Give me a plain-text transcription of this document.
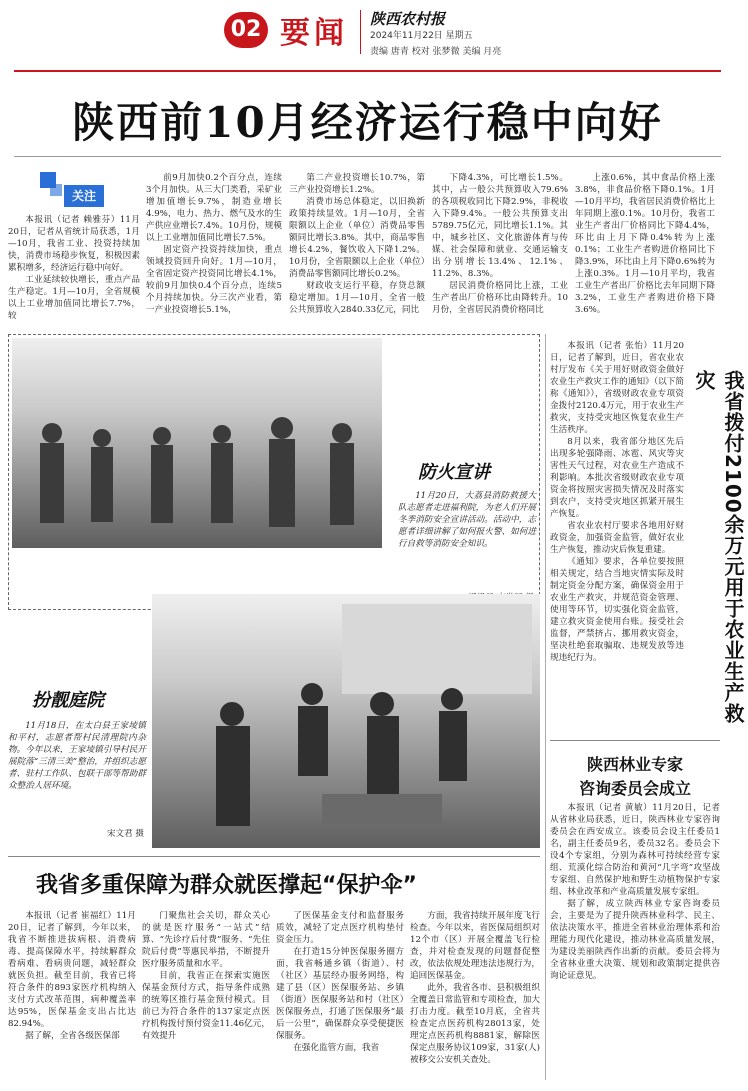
02 要闻 陕西农村报
2024年11月22日 星期五
责编 唐青 校对 张梦微 美编 月亮
陕西前10月经济运行稳中向好
关注

本报讯（记者 赖雅芬）11月20日，记者从省统计局获悉，1月—10月，我省工业、投资持续加快，消费市场稳步恢复，积极因素累积增多，经济运行稳中向好。

工业延续较快增长，重点产品生产稳定。1月—10月，全省规模以上工业增加值同比增长7.7%，较

前9月加快0.2个百分点，连续3个月加快。从三大门类看，采矿业增加值增长9.7%，制造业增长4.9%，电力、热力、燃气及水的生产供应业增长7.4%。10月份，规模以上工业增加值同比增长7.5%。

固定资产投资持续加快，重点领域投资回升向好。1月—10月，全省固定资产投资同比增长4.1%，较前9月加快0.4个百分点，连续5个月持续加快。分三次产业看，第一产业投资增长5.1%，

第二产业投资增长10.7%，第三产业投资增长1.2%。

消费市场总体稳定，以旧换新政策持续显效。1月—10月，全省限额以上企业（单位）消费品零售额同比增长3.8%。其中，商品零售增长4.2%，餐饮收入下降1.2%。10月份，全省限额以上企业（单位）消费品零售额同比增长0.2%。

财政收支运行平稳，存贷总额稳定增加。1月—10月，全省一般公共预算收入2840.33亿元，同比

下降4.3%，可比增长1.5%。其中，占一般公共预算收入79.6%的各项税收同比下降2.9%，非税收入下降9.4%。一般公共预算支出5789.75亿元，同比增长1.1%。其中，城乡社区、文化旅游体育与传媒、社会保障和就业、交通运输支出分别增长13.4%、12.1%、11.2%、8.3%。

居民消费价格同比上涨，工业生产者出厂价格环比由降转升。10月份，全省居民消费价格同比

上涨0.6%，其中食品价格上涨3.8%，非食品价格下降0.1%。1月—10月平均，我省居民消费价格比上年同期上涨0.1%。10月份，我省工业生产者出厂价格同比下降4.4%，环比由上月下降0.4%转为上涨0.1%；工业生产者购进价格同比下降3.9%，环比由上月下降0.6%转为上涨0.3%。1月—10月平均，我省工业生产者出厂价格比去年同期下降3.2%，工业生产者购进价格下降3.6%。

防火宣讲

11月20日，大荔县消防救援大队志愿者走进福利院，为老人们开展冬季消防安全宣讲活动。活动中，志愿者详细讲解了如何报火警、如何进行自救等消防安全知识。

扮靓庭院

11月18日，在太白县王家堎镇和平村，志愿者帮村民清理院内杂物。今年以来，王家堎镇引导村民开展院落“三清三美”整治，并组织志愿者、驻村工作队、包联干部等帮助群众整治人居环境。

宋文君 摄

本报讯（记者 张怡）11月20日，记者了解到，近日，省农业农村厅发布《关于用好财政资金做好农业生产救灾工作的通知》（以下简称《通知》），省级财政农业专项资金拨付2120.4万元，用于农业生产救灾，支持受灾地区恢复农业生产生活秩序。

8月以来，我省部分地区先后出现多轮强降雨、冰雹、风灾等灾害性天气过程，对农业生产造成不利影响。本批次省级财政农业专项资金将按照灾害损失情况及时落实到农户，支持受灾地区抓紧开展生产恢复。

省农业农村厅要求各地用好财政资金，加强资金监管，做好农业生产恢复，推动灾后恢复重建。

《通知》要求，各单位要按照相关规定，结合当地灾情实际及时制定资金分配方案，确保资金用于农业生产救灾，并规范资金管理、使用等环节，切实强化资金监管，建立救灾资金使用台账。接受社会监督，严禁挤占、挪用救灾资金，坚决杜绝套取骗取、违规发放等违规违纪行为。	我省拨付2100余万元用于农业生产救灾
陕西林业专家
咨询委员会成立

本报讯（记者 黄敏）11月20日，记者从省林业局获悉，近日，陕西林业专家咨询委员会在西安成立。该委员会设主任委员1名，副主任委员9名，委员32名。委员会下设4个专家组，分别为森林可持续经营专家组、荒漠化综合防治和黄河“几字弯”攻坚战专家组、自然保护地和野生动植物保护专家组、林业改革和产业高质量发展专家组。

据了解，成立陕西林业专家咨询委员会，主要是为了提升陕西林业科学、民主、依法决策水平，推进全省林业治理体系和治理能力现代化建设，推动林业高质量发展，为建设美丽陕西作出新的贡献。委员会将为全省林业重大决策、规划和政策制定提供咨询论证意见。

我省多重保障为群众就医撑起“保护伞”

本报讯（记者 崔福红）11月20日，记者了解到，今年以来，我省不断推进拔病根、消费病毒、提高保障水平，持续解群众看病难、看病贵问题，减轻群众就医负担。截至目前，我省已将符合条件的893家医疗机构纳入支付方式改革范围，病种覆盖率达95%，医保基金支出占比达82.94%。

据了解，全省各级医保部

门聚焦社会关切，群众关心的就是医疗服务“一站式”结算、“先诊疗后付费”服务、“先住院后付费”等惠民举措，不断提升医疗服务质量和水平。

目前，我省正在探索实施医保基金预付方式，指导条件成熟的统筹区推行基金预付模式。目前已为符合条件的137家定点医疗机构拨付预付资金11.46亿元，有效提升

了医保基金支付和监督服务质效，减轻了定点医疗机构垫付资金压力。

在打造15分钟医保服务圈方面，我省畅通乡镇（街道）、村（社区）基层经办服务网络，构建了县（区）医保服务站、乡镇（街道）医保服务站和村（社区）医保服务点，打通了医保服务“最后一公里”，确保群众享受便捷医保服务。

在强化监管方面，我省

方面，我省持续开展年度飞行检查。今年以来，省医保局组织对12个市（区）开展全覆盖飞行检查，并对检查发现的问题督促整改，依法依规处理违法违规行为，追回医保基金。

此外，我省各市、县积极组织全覆盖日常监管和专项检查，加大打击力度。截至10月底，全省共检查定点医药机构28013家，处理定点医药机构8881家，解除医保定点服务协议109家，31家(人)被移交公安机关查处。
